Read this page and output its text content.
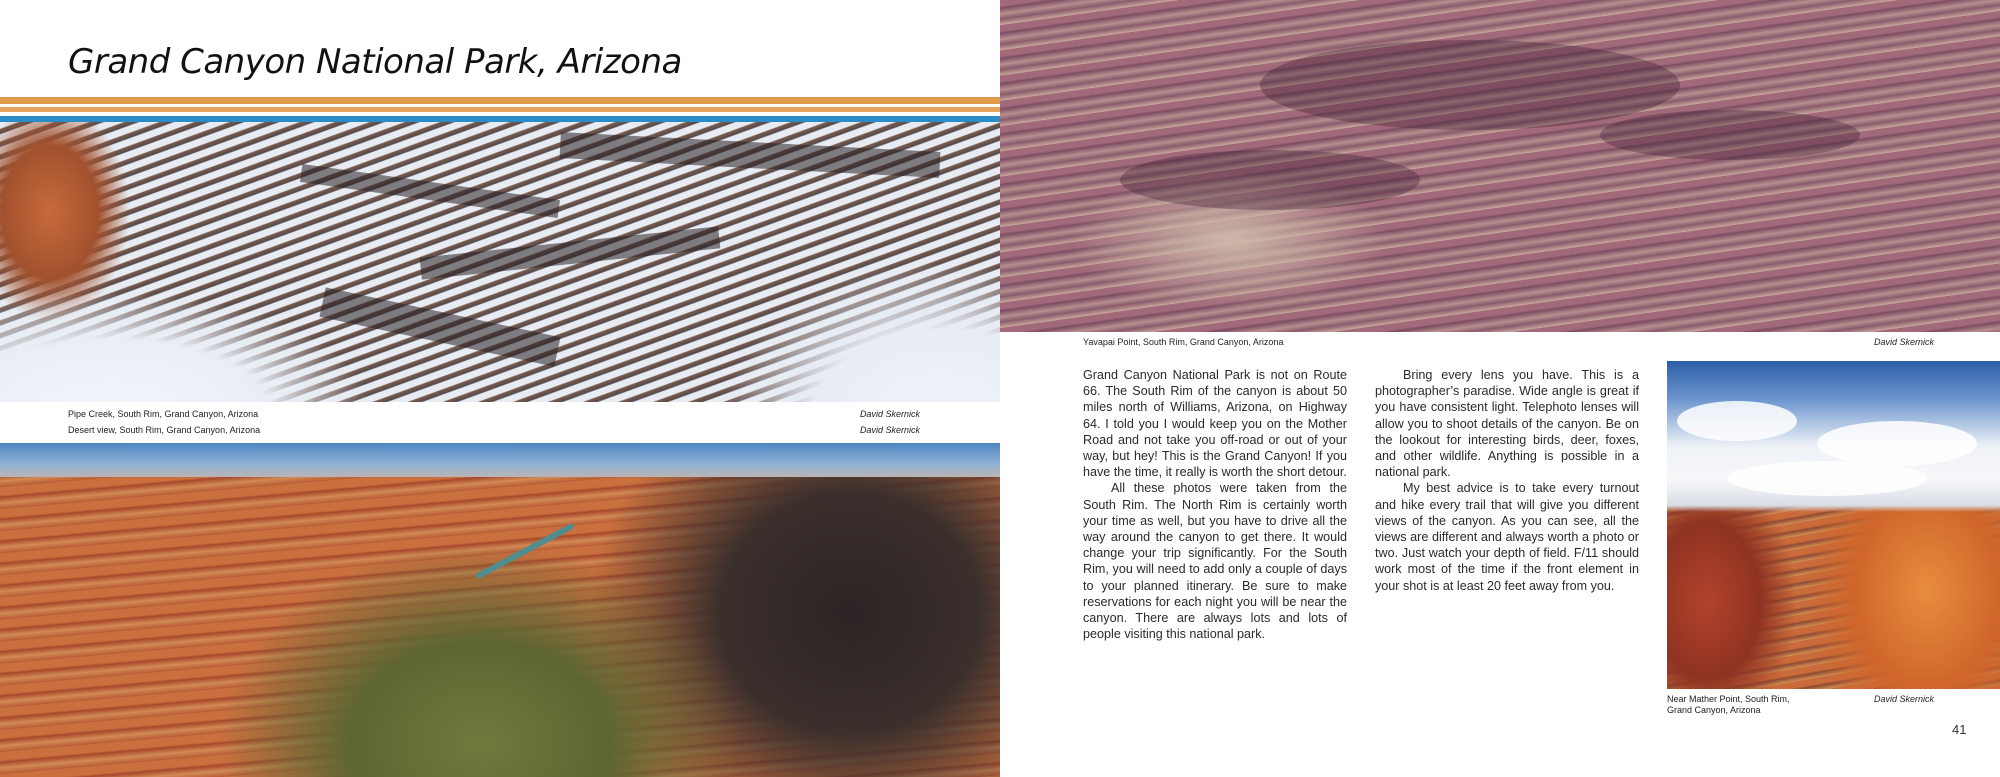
Grand Canyon National Park, Arizona
Pipe Creek, South Rim, Grand Canyon, Arizona	David Skernick
Desert view, South Rim, Grand Canyon, Arizona	David Skernick
Yavapai Point, South Rim, Grand Canyon, Arizona	David Skernick

Grand Canyon National Park is not on Route 66. The South Rim of the canyon is about 50 miles north of Williams, Arizona, on Highway 64. I told you I would keep you on the Mother Road and not take you off-road or out of your way, but hey! This is the Grand Canyon! If you have the time, it really is worth the short detour.

All these photos were taken from the South Rim. The North Rim is certainly worth your time as well, but you have to drive all the way around the canyon to get there. It would change your trip significantly. For the South Rim, you will need to add only a couple of days to your planned itinerary. Be sure to make reservations for each night you will be near the canyon. There are always lots and lots of people visiting this national park.

Bring every lens you have. This is a photographer’s paradise. Wide angle is great if you have consistent light. Telephoto lenses will allow you to shoot details of the canyon. Be on the lookout for interesting birds, deer, foxes, and other wildlife. Anything is possible in a national park.

My best advice is to take every turnout and hike every trail that will give you different views of the canyon. As you can see, all the views are different and always worth a photo or two. Just watch your depth of field. F/11 should work most of the time if the front element in your shot is at least 20 feet away from you.

Near Mather Point, South Rim,
Grand Canyon, Arizona
David Skernick
41
